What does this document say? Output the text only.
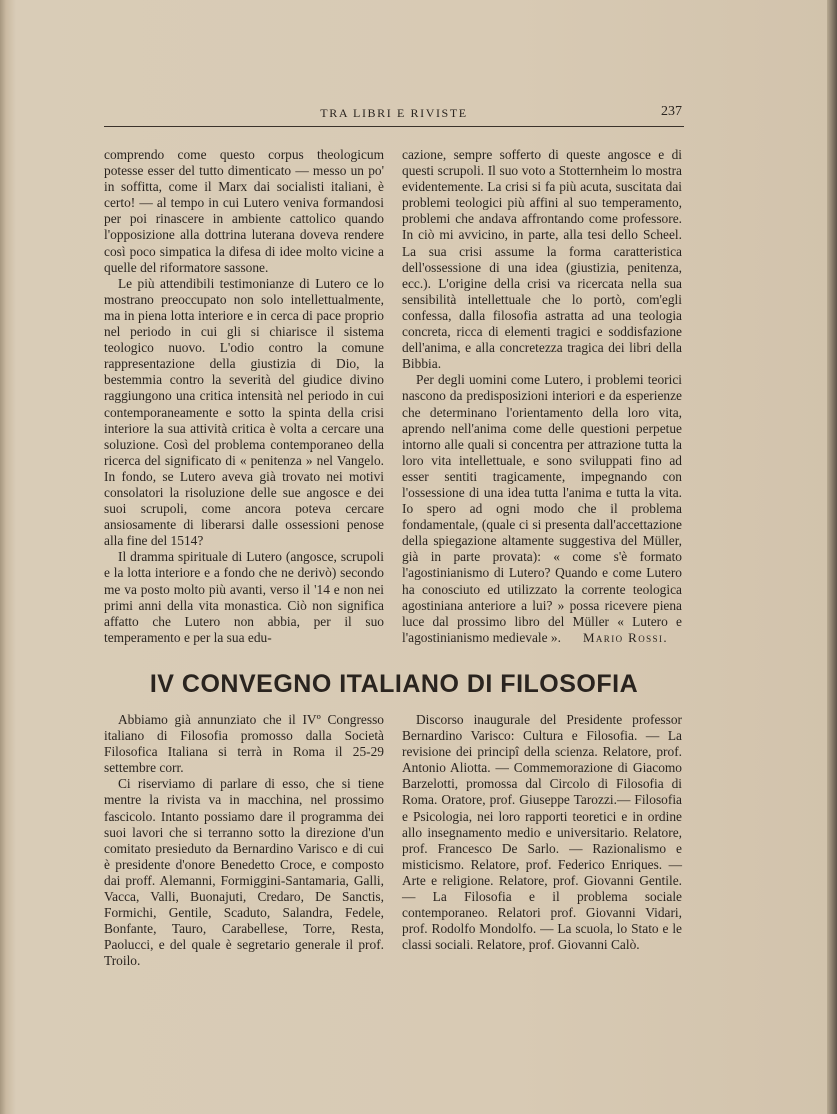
TRA LIBRI E RIVISTE	237

comprendo come questo corpus theologicum potesse esser del tutto dimenticato — messo un po' in soffitta, come il Marx dai socialisti italiani, è certo! — al tempo in cui Lutero veniva formandosi per poi rinascere in ambiente cattolico quando l'opposizione alla dottrina luterana doveva rendere così poco simpatica la difesa di idee molto vicine a quelle del riformatore sassone.

Le più attendibili testimonianze di Lutero ce lo mostrano preoccupato non solo intellettualmente, ma in piena lotta interiore e in cerca di pace proprio nel periodo in cui gli si chiarisce il sistema teologico nuovo. L'odio contro la comune rappresentazione della giustizia di Dio, la bestemmia contro la severità del giudice divino raggiungono una critica intensità nel periodo in cui contemporaneamente e sotto la spinta della crisi interiore la sua attività critica è volta a cercare una soluzione. Così del problema contemporaneo della ricerca del significato di « penitenza » nel Vangelo. In fondo, se Lutero aveva già trovato nei motivi consolatori la risoluzione delle sue angosce e dei suoi scrupoli, come ancora poteva cercare ansiosamente di liberarsi dalle ossessioni penose alla fine del 1514?

Il dramma spirituale di Lutero (angosce, scrupoli e la lotta interiore e a fondo che ne derivò) secondo me va posto molto più avanti, verso il '14 e non nei primi anni della vita monastica. Ciò non significa affatto che Lutero non abbia, per il suo temperamento e per la sua edu-

cazione, sempre sofferto di queste angosce e di questi scrupoli. Il suo voto a Stotternheim lo mostra evidentemente. La crisi si fa più acuta, suscitata dai problemi teologici più affini al suo temperamento, problemi che andava affrontando come professore. In ciò mi avvicino, in parte, alla tesi dello Scheel. La sua crisi assume la forma caratteristica dell'ossessione di una idea (giustizia, penitenza, ecc.). L'origine della crisi va ricercata nella sua sensibilità intellettuale che lo portò, com'egli confessa, dalla filosofia astratta ad una teologia concreta, ricca di elementi tragici e soddisfazione dell'anima, e alla concretezza tragica dei libri della Bibbia.

Per degli uomini come Lutero, i problemi teorici nascono da predisposizioni interiori e da esperienze che determinano l'orientamento della loro vita, aprendo nell'anima come delle questioni perpetue intorno alle quali si concentra per attrazione tutta la loro vita intellettuale, e sono sviluppati fino ad esser sentiti tragicamente, impegnando con l'ossessione di una idea tutta l'anima e tutta la vita. Io spero ad ogni modo che il problema fondamentale, (quale ci si presenta dall'accettazione della spiegazione altamente suggestiva del Müller, già in parte provata): « come s'è formato l'agostinianismo di Lutero? Quando e come Lutero ha conosciuto ed utilizzato la corrente teologica agostiniana anteriore a lui? » possa ricevere piena luce dal prossimo libro del Müller « Lutero e l'agostinianismo medievale ».	Mario Rossi.
IV CONVEGNO ITALIANO DI FILOSOFIA

Abbiamo già annunziato che il IVº Congresso italiano di Filosofia promosso dalla Società Filosofica Italiana si terrà in Roma il 25-29 settembre corr.

Ci riserviamo di parlare di esso, che si tiene mentre la rivista va in macchina, nel prossimo fascicolo. Intanto possiamo dare il programma dei suoi lavori che si terranno sotto la direzione d'un comitato presieduto da Bernardino Varisco e di cui è presidente d'onore Benedetto Croce, e composto dai proff. Alemanni, Formiggini-Santamaria, Galli, Vacca, Valli, Buonajuti, Credaro, De Sanctis, Formichi, Gentile, Scaduto, Salandra, Fedele, Bonfante, Tauro, Carabellese, Torre, Resta, Paolucci, e del quale è segretario generale il prof. Troilo.

Discorso inaugurale del Presidente professor Bernardino Varisco: Cultura e Filosofia. — La revisione dei principî della scienza. Relatore, prof. Antonio Aliotta. — Commemorazione di Giacomo Barzelotti, promossa dal Circolo di Filosofia di Roma. Oratore, prof. Giuseppe Tarozzi.— Filosofia e Psicologia, nei loro rapporti teoretici e in ordine allo insegnamento medio e universitario. Relatore, prof. Francesco De Sarlo. — Razionalismo e misticismo. Relatore, prof. Federico Enriques. — Arte e religione. Relatore, prof. Giovanni Gentile. — La Filosofia e il problema sociale contemporaneo. Relatori prof. Giovanni Vidari, prof. Rodolfo Mondolfo. — La scuola, lo Stato e le classi sociali. Relatore, prof. Giovanni Calò.
